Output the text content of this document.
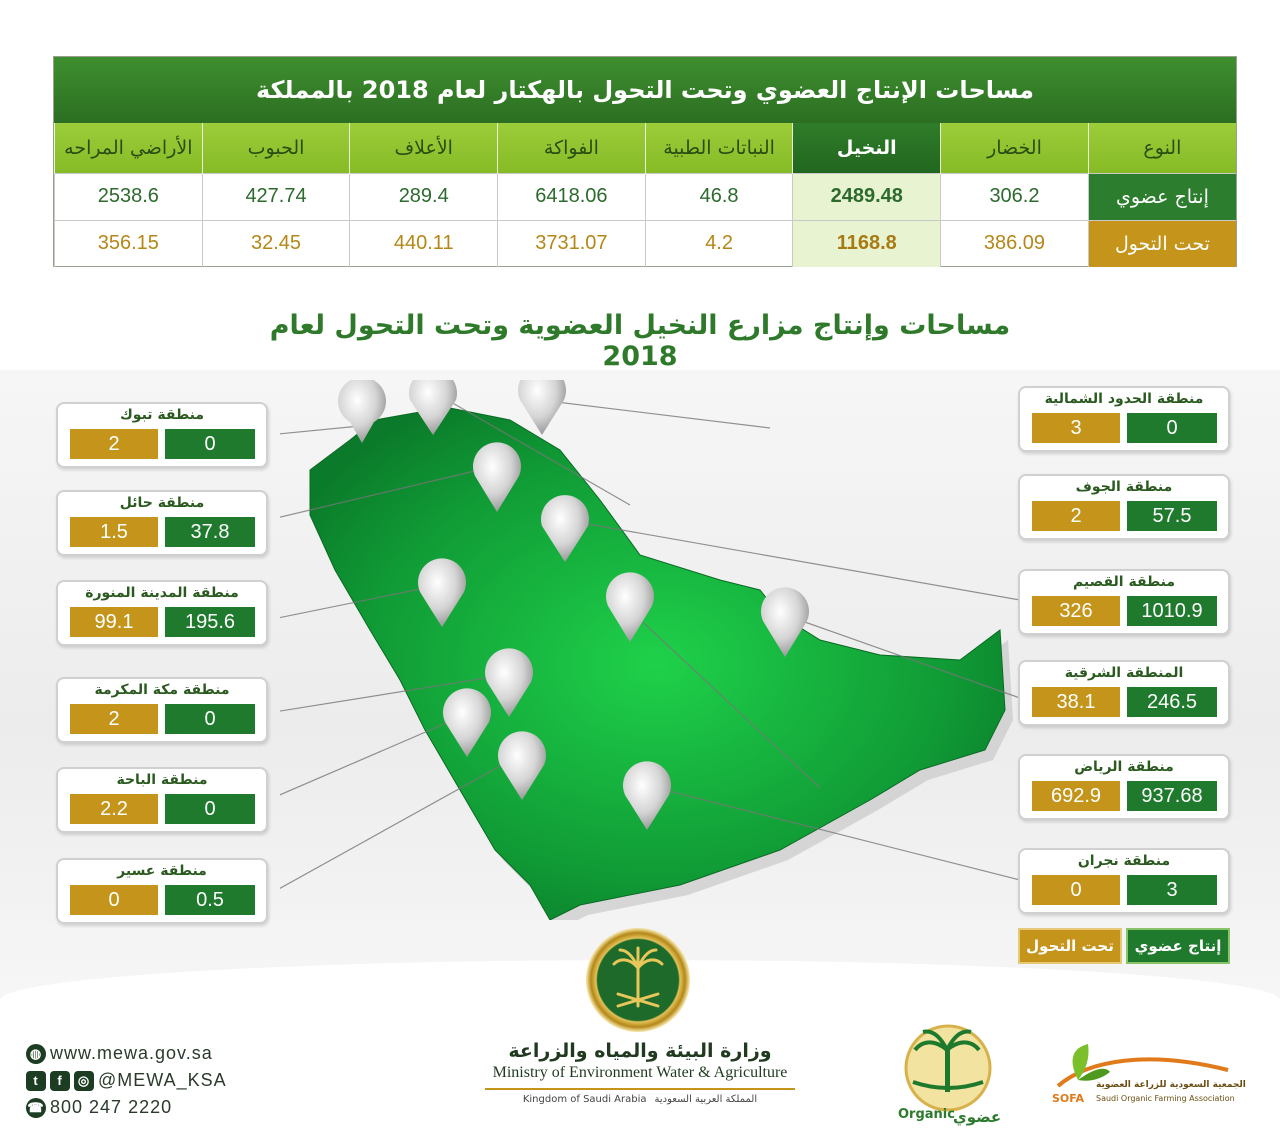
مساحات الإنتاج العضوي وتحت التحول بالهكتار لعام 2018 بالمملكة
النوع	الخضار	النخيل	النباتات الطبية	الفواكة	الأعلاف	الحبوب	الأراضي المراحه
إنتاج عضوي	306.2	2489.48	46.8	6418.06	289.4	427.74	2538.6
تحت التحول	386.09	1168.8	4.2	3731.07	440.11	32.45	356.15
مساحات وإنتاج مزارع النخيل العضوية وتحت التحول لعام 2018
منطقة تبوك
2	0
منطقة حائل
1.5	37.8
منطقة المدينة المنورة
99.1	195.6
منطقة مكة المكرمة
2	0
منطقة الباحة
2.2	0
منطقة عسير
0	0.5
منطقة الحدود الشمالية
3	0
منطقة الجوف
2	57.5
منطقة القصيم
326	1010.9
المنطقة الشرقية
38.1	246.5
منطقة الرياض
692.9	937.68
منطقة نجران
0	3
تحت التحول	إنتاج عضوي
◍ www.mewa.gov.sa
t	f	◎ @MEWA_KSA
☎ 800 247 2220
وزارة البيئة والمياه والزراعة
Ministry of Environment Water & Agriculture
Kingdom of Saudi Arabia المملكة العربية السعودية
Organic
عضوي
SOFA
الجمعية السعودية للزراعة العضوية
Saudi Organic Farming Association
